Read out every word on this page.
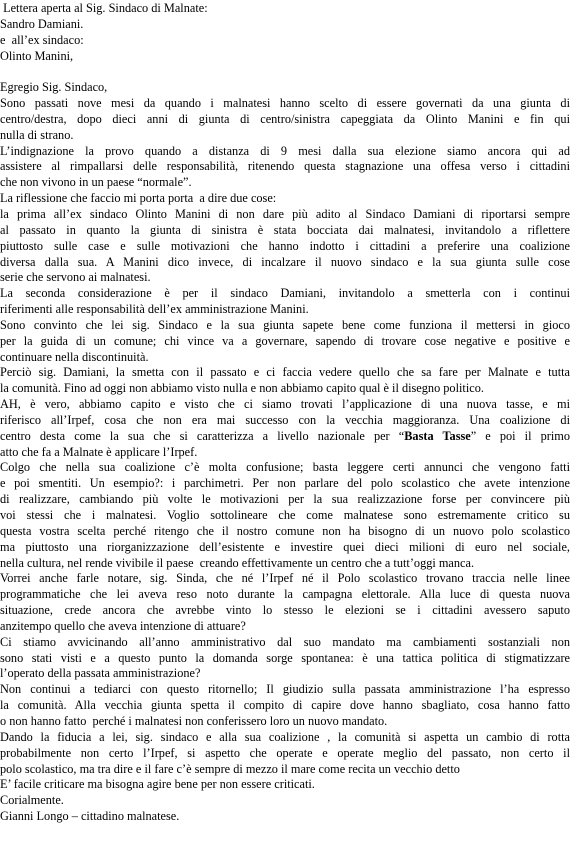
Lettera aperta al Sig. Sindaco di Malnate:
Sandro Damiani.
e  all’ex sindaco:
Olinto Manini,
Egregio Sig. Sindaco,
Sono passati nove mesi da quando i malnatesi hanno scelto di essere governati da una giunta di
centro/destra, dopo dieci anni di giunta di centro/sinistra capeggiata da Olinto Manini e fin qui
nulla di strano.
L’indignazione la provo quando a distanza di 9 mesi dalla sua elezione siamo ancora qui ad
assistere al rimpallarsi delle responsabilità, ritenendo questa stagnazione una offesa verso i cittadini
che non vivono in un paese “normale”.
La riflessione che faccio mi porta porta  a dire due cose:
la prima all’ex sindaco Olinto Manini di non dare più adito al Sindaco Damiani di riportarsi sempre
al passato in quanto la giunta di sinistra è stata bocciata dai malnatesi, invitandolo a riflettere
piuttosto sulle case e sulle motivazioni che hanno indotto i cittadini a preferire una coalizione
diversa dalla sua. A Manini dico invece, di incalzare il nuovo sindaco e la sua giunta sulle cose
serie che servono ai malnatesi.
La seconda considerazione è per il sindaco Damiani, invitandolo a smetterla con i continui
riferimenti alle responsabilità dell’ex amministrazione Manini.
Sono convinto che lei sig. Sindaco e la sua giunta sapete bene come funziona il mettersi in gioco
per la guida di un comune; chi vince va a governare, sapendo di trovare cose negative e positive e
continuare nella discontinuità.
Perciò sig. Damiani, la smetta con il passato e ci faccia vedere quello che sa fare per Malnate e tutta
la comunità. Fino ad oggi non abbiamo visto nulla e non abbiamo capito qual è il disegno politico.
AH, è vero, abbiamo capito e visto che ci siamo trovati l’applicazione di una nuova tasse, e mi
riferisco all’Irpef, cosa che non era mai successo con la vecchia maggioranza. Una coalizione di
centro desta come la sua che si caratterizza a livello nazionale per “Basta Tasse” e poi il primo
atto che fa a Malnate è applicare l’Irpef.
Colgo che nella sua coalizione c’è molta confusione; basta leggere certi annunci che vengono fatti
e poi smentiti. Un esempio?: i parchimetri. Per non parlare del polo scolastico che avete intenzione
di realizzare, cambiando più volte le motivazioni per la sua realizzazione forse per convincere più
voi stessi che i malnatesi. Voglio sottolineare che come malnatese sono estremamente critico su
questa vostra scelta perché ritengo che il nostro comune non ha bisogno di un nuovo polo scolastico
ma piuttosto una riorganizzazione dell’esistente e investire quei dieci milioni di euro nel sociale,
nella cultura, nel rende vivibile il paese  creando effettivamente un centro che a tutt’oggi manca.
Vorrei anche farle notare, sig. Sinda, che né l’Irpef né il Polo scolastico trovano traccia nelle linee
programmatiche che lei aveva reso noto durante la campagna elettorale. Alla luce di questa nuova
situazione, crede ancora che avrebbe vinto lo stesso le elezioni se i cittadini avessero saputo
anzitempo quello che aveva intenzione di attuare?
Ci stiamo avvicinando all’anno amministrativo dal suo mandato ma cambiamenti sostanziali non
sono stati visti e a questo punto la domanda sorge spontanea: è una tattica politica di stigmatizzare
l’operato della passata amministrazione?
Non continui a tediarci con questo ritornello; Il giudizio sulla passata amministrazione l’ha espresso
la comunità. Alla vecchia giunta spetta il compito di capire dove hanno sbagliato, cosa hanno fatto
o non hanno fatto  perché i malnatesi non conferissero loro un nuovo mandato.
Dando la fiducia a lei, sig. sindaco e alla sua coalizione , la comunità si aspetta un cambio di rotta
probabilmente non certo l’Irpef, si aspetto che operate e operate meglio del passato, non certo il
polo scolastico, ma tra dire e il fare c’è sempre di mezzo il mare come recita un vecchio detto
E’ facile criticare ma bisogna agire bene per non essere criticati.
Corialmente.
Gianni Longo – cittadino malnatese.
